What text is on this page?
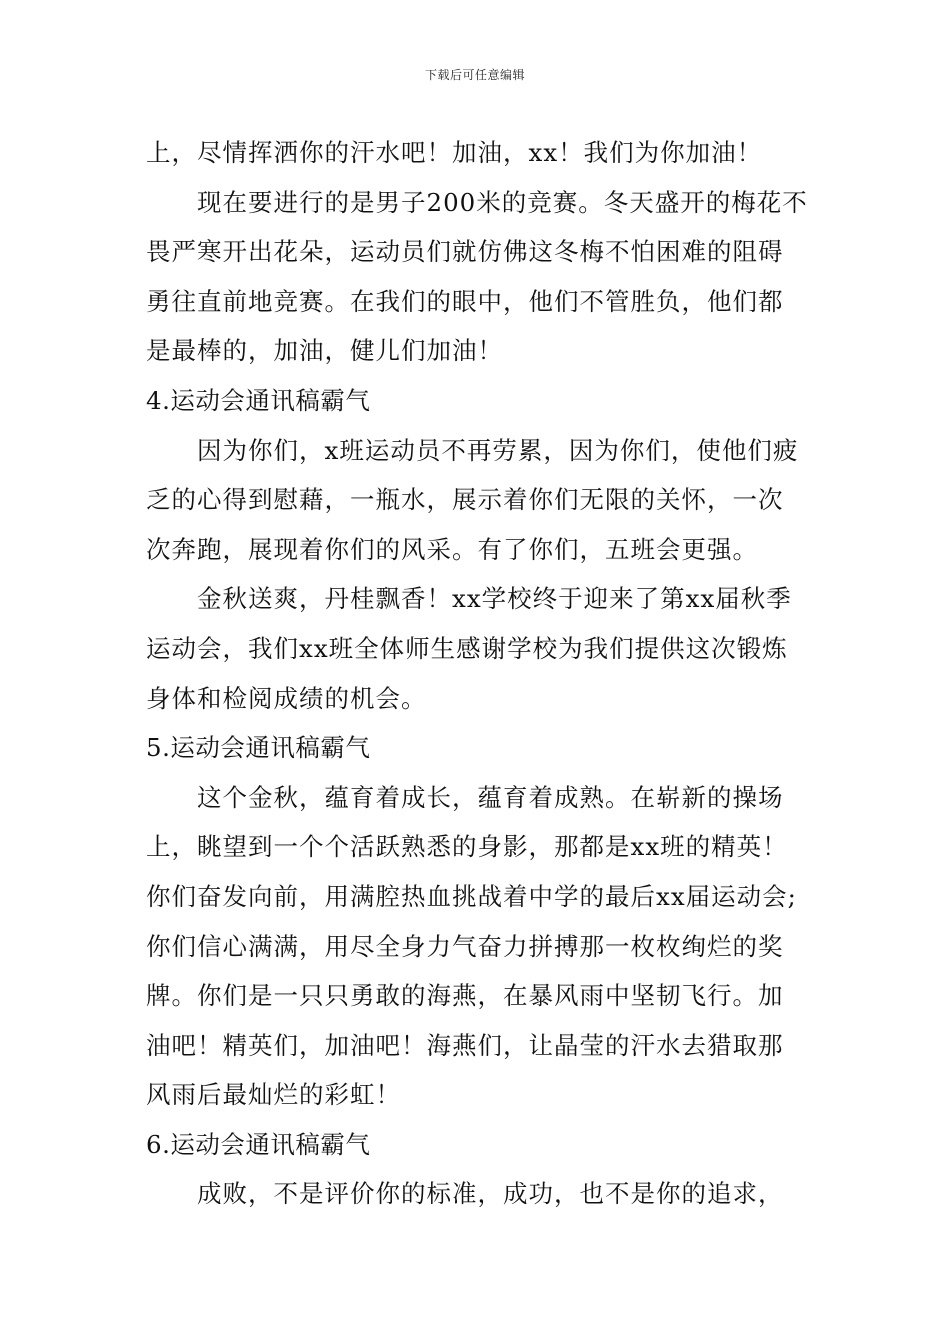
下载后可任意编辑
上，尽情挥洒你的汗水吧！加油，xx！我们为你加油！
现在要进行的是男子200米的竞赛。冬天盛开的梅花不
畏严寒开出花朵，运动员们就仿佛这冬梅不怕困难的阻碍
勇往直前地竞赛。在我们的眼中，他们不管胜负，他们都
是最棒的，加油，健儿们加油！
4.运动会通讯稿霸气
因为你们，x班运动员不再劳累，因为你们，使他们疲
乏的心得到慰藉，一瓶水，展示着你们无限的关怀，一次
次奔跑，展现着你们的风采。有了你们，五班会更强。
金秋送爽，丹桂飘香！xx学校终于迎来了第xx届秋季
运动会，我们xx班全体师生感谢学校为我们提供这次锻炼
身体和检阅成绩的机会。
5.运动会通讯稿霸气
这个金秋，蕴育着成长，蕴育着成熟。在崭新的操场
上，眺望到一个个活跃熟悉的身影，那都是xx班的精英！
你们奋发向前，用满腔热血挑战着中学的最后xx届运动会;
你们信心满满，用尽全身力气奋力拼搏那一枚枚绚烂的奖
牌。你们是一只只勇敢的海燕，在暴风雨中坚韧飞行。加
油吧！精英们，加油吧！海燕们，让晶莹的汗水去猎取那
风雨后最灿烂的彩虹！
6.运动会通讯稿霸气
成败，不是评价你的标准，成功，也不是你的追求，
